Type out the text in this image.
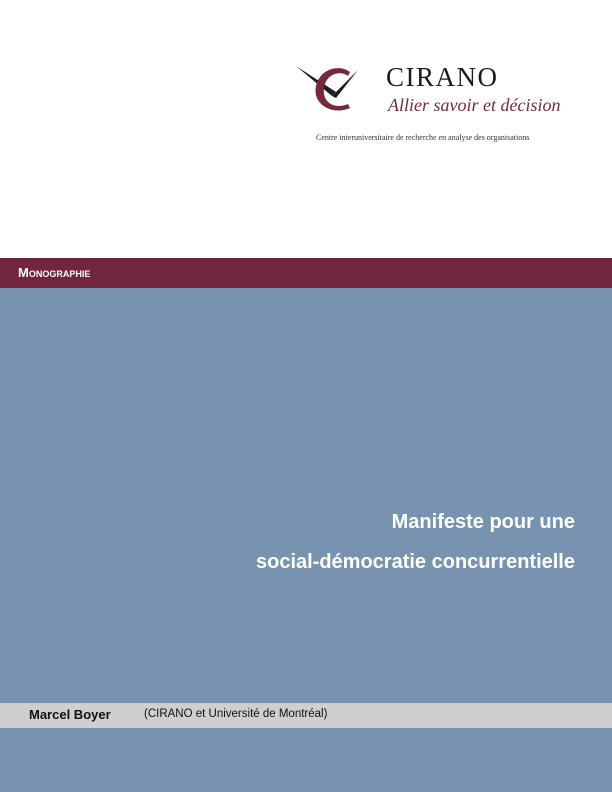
CIRANO
Allier savoir et décision
Centre interuniversitaire de recherche en analyse des organisations
Monographie
Manifeste pour une
social-démocratie concurrentielle
Marcel Boyer	(CIRANO et Université de Montréal)
